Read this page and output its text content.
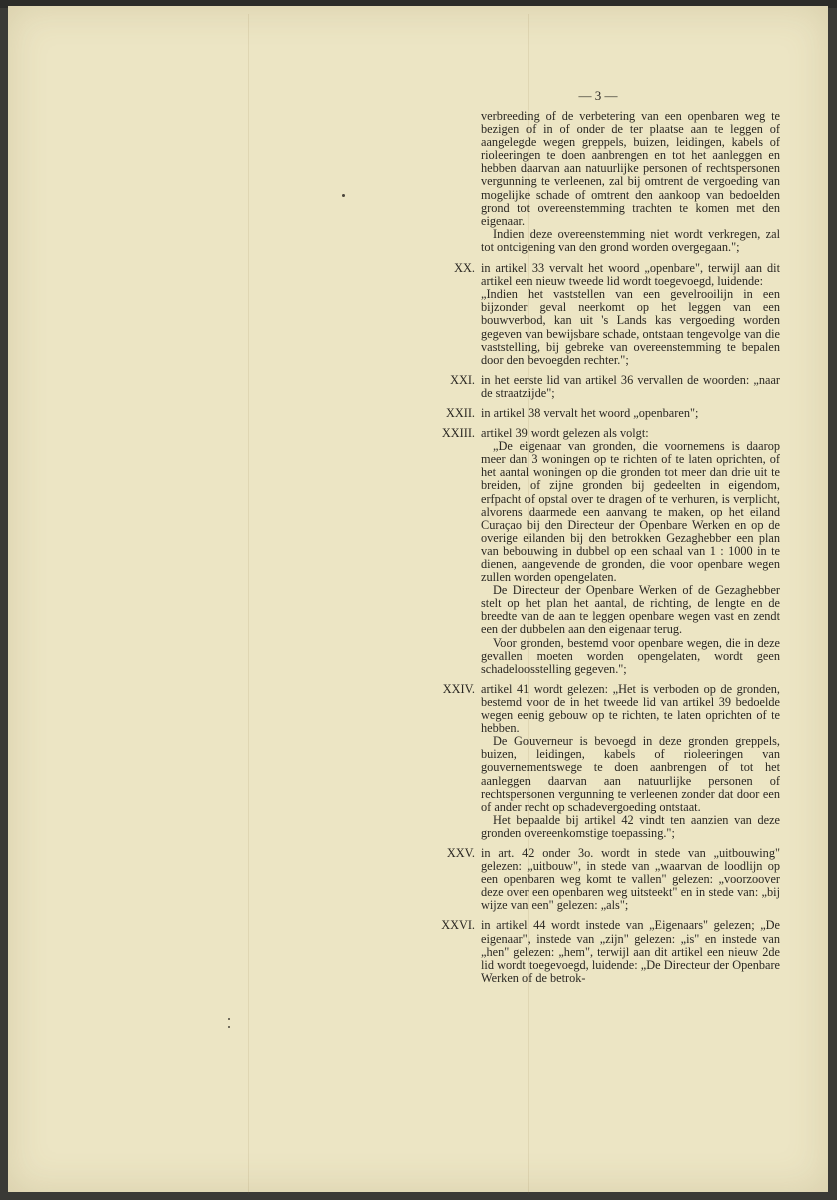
— 3 —
verbreeding of de verbetering van een openbaren weg te bezigen of in of onder de ter plaatse aan te leggen of aangelegde wegen greppels, buizen, leidingen, kabels of rioleeringen te doen aanbrengen en tot het aanleggen en hebben daarvan aan natuurlijke personen of rechtspersonen vergunning te verleenen, zal bij omtrent de vergoeding van mogelijke schade of omtrent den aankoop van bedoelden grond tot overeenstemming trachten te komen met den eigenaar.
Indien deze overeenstemming niet wordt verkregen, zal tot ontcigening van den grond worden overgegaan.";
XX. in artikel 33 vervalt het woord „openbare", terwijl aan dit artikel een nieuw tweede lid wordt toegevoegd, luidende:
„Indien het vaststellen van een gevelrooilijn in een bijzonder geval neerkomt op het leggen van een bouwverbod, kan uit 's Lands kas vergoeding worden gegeven van bewijsbare schade, ontstaan tengevolge van die vaststelling, bij gebreke van overeenstemming te bepalen door den bevoegden rechter.";
XXI. in het eerste lid van artikel 36 vervallen de woorden: „naar de straatzijde";
XXII. in artikel 38 vervalt het woord „openbaren";
XXIII. artikel 39 wordt gelezen als volgt:
„De eigenaar van gronden, die voornemens is daarop meer dan 3 woningen op te richten of te laten oprichten, of het aantal woningen op die gronden tot meer dan drie uit te breiden, of zijne gronden bij gedeelten in eigendom, erfpacht of opstal over te dragen of te verhuren, is verplicht, alvorens daarmede een aanvang te maken, op het eiland Curaçao bij den Directeur der Openbare Werken en op de overige eilanden bij den betrokken Gezaghebber een plan van bebouwing in dubbel op een schaal van 1 : 1000 in te dienen, aangevende de gronden, die voor openbare wegen zullen worden opengelaten.
De Directeur der Openbare Werken of de Gezaghebber stelt op het plan het aantal, de richting, de lengte en de breedte van de aan te leggen openbare wegen vast en zendt een der dubbelen aan den eigenaar terug.
Voor gronden, bestemd voor openbare wegen, die in deze gevallen moeten worden opengelaten, wordt geen schadeloosstelling gegeven.";
XXIV. artikel 41 wordt gelezen: „Het is verboden op de gronden, bestemd voor de in het tweede lid van artikel 39 bedoelde wegen eenig gebouw op te richten, te laten oprichten of te hebben.
De Gouverneur is bevoegd in deze gronden greppels, buizen, leidingen, kabels of rioleeringen van gouvernementswege te doen aanbrengen of tot het aanleggen daarvan aan natuurlijke personen of rechtspersonen vergunning te verleenen zonder dat door een of ander recht op schadevergoeding ontstaat.
Het bepaalde bij artikel 42 vindt ten aanzien van deze gronden overeenkomstige toepassing.";
XXV. in art. 42 onder 3o. wordt in stede van „uitbouwing" gelezen: „uitbouw", in stede van „waarvan de loodlijn op een openbaren weg komt te vallen" gelezen: „voorzoover deze over een openbaren weg uitsteekt" en in stede van: „bij wijze van een" gelezen: „als";
XXVI. in artikel 44 wordt instede van „Eigenaars" gelezen; „De eigenaar", instede van „zijn" gelezen: „is" en instede van „hen" gelezen: „hem", terwijl aan dit artikel een nieuw 2de lid wordt toegevoegd, luidende: „De Directeur der Openbare Werken of de betrok-
